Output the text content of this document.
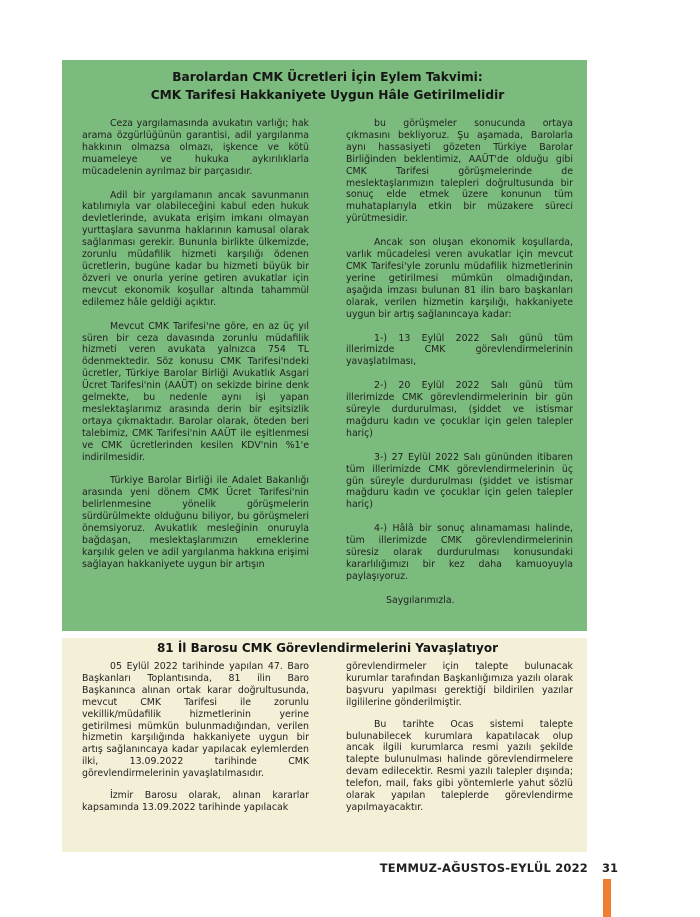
Barolardan CMK Ücretleri İçin Eylem Takvimi:
CMK Tarifesi Hakkaniyete Uygun Hâle Getirilmelidir

Ceza yargılamasında avukatın varlığı; hak arama özgürlüğünün garantisi, adil yargılanma hakkının olmazsa olmazı, işkence ve kötü muameleye ve hukuka aykırılıklarla mücadelenin ayrılmaz bir parçasıdır.

Adil bir yargılamanın ancak savunmanın katılımıyla var olabileceğini kabul eden hukuk devletlerinde, avukata erişim imkanı olmayan yurttaşlara savunma haklarının kamusal olarak sağlanması gerekir. Bununla birlikte ülkemizde, zorunlu müdafilik hizmeti karşılığı ödenen ücretlerin, bugüne kadar bu hizmeti büyük bir özveri ve onurla yerine getiren avukatlar için mevcut ekonomik koşullar altında tahammül edilemez hâle geldiği açıktır.

Mevcut CMK Tarifesi'ne göre, en az üç yıl süren bir ceza davasında zorunlu müdafilik hizmeti veren avukata yalnızca 754 TL ödenmektedir. Söz konusu CMK Tarifesi'ndeki ücretler, Türkiye Barolar Birliği Avukatlık Asgari Ücret Tarifesi'nin (AAÜT) on sekizde birine denk gelmekte, bu nedenle aynı işi yapan meslektaşlarımız arasında derin bir eşitsizlik ortaya çıkmaktadır. Barolar olarak, öteden beri talebimiz, CMK Tarifesi'nin AAÜT ile eşitlenmesi ve CMK ücretlerinden kesilen KDV'nin %1'e indirilmesidir.

Türkiye Barolar Birliği ile Adalet Bakanlığı arasında yeni dönem CMK Ücret Tarifesi'nin belirlenmesine yönelik görüşmelerin sürdürülmekte olduğunu biliyor, bu görüşmeleri önemsiyoruz. Avukatlık mesleğinin onuruyla bağdaşan, meslektaşlarımızın emeklerine karşılık gelen ve adil yargılanma hakkına erişimi sağlayan hakkaniyete uygun bir artışın

bu görüşmeler sonucunda ortaya çıkmasını bekliyoruz. Şu aşamada, Barolarla aynı hassasiyeti gözeten Türkiye Barolar Birliğinden beklentimiz, AAÜT'de olduğu gibi CMK Tarifesi görüşmelerinde de meslektaşlarımızın talepleri doğrultusunda bir sonuç elde etmek üzere konunun tüm muhataplarıyla etkin bir müzakere süreci yürütmesidir.

Ancak son oluşan ekonomik koşullarda, varlık mücadelesi veren avukatlar için mevcut CMK Tarifesi'yle zorunlu müdafilik hizmetlerinin yerine getirilmesi mümkün olmadığından, aşağıda imzası bulunan 81 ilin baro başkanları olarak, verilen hizmetin karşılığı, hakkaniyete uygun bir artış sağlanıncaya kadar:

1-) 13 Eylül 2022 Salı günü tüm illerimizde CMK görevlendirmelerinin yavaşlatılması,

2-) 20 Eylül 2022 Salı günü tüm illerimizde CMK görevlendirmelerinin bir gün süreyle durdurulması, (şiddet ve istismar mağduru kadın ve çocuklar için gelen talepler hariç)

3-) 27 Eylül 2022 Salı gününden itibaren tüm illerimizde CMK görevlendirmelerinin üç gün süreyle durdurulması (şiddet ve istismar mağduru kadın ve çocuklar için gelen talepler hariç)

4-) Hâlâ bir sonuç alınamaması halinde, tüm illerimizde CMK görevlendirmelerinin süresiz olarak durdurulması konusundaki kararlılığımızı bir kez daha kamuoyuyla paylaşıyoruz.

Saygılarımızla.

81 İl Barosu CMK Görevlendirmelerini Yavaşlatıyor

05 Eylül 2022 tarihinde yapılan 47. Baro Başkanları Toplantısında, 81 ilin Baro Başkanınca alınan ortak karar doğrultusunda, mevcut CMK Tarifesi ile zorunlu vekillik/müdafilik hizmetlerinin yerine getirilmesi mümkün bulunmadığından, verilen hizmetin karşılığında hakkaniyete uygun bir artış sağlanıncaya kadar yapılacak eylemlerden ilki, 13.09.2022 tarihinde CMK görevlendirmelerinin yavaşlatılmasıdır.

İzmir Barosu olarak, alınan kararlar kapsamında 13.09.2022 tarihinde yapılacak

görevlendirmeler için talepte bulunacak kurumlar tarafından Başkanlığımıza yazılı olarak başvuru yapılması gerektiği bildirilen yazılar ilgililerine gönderilmiştir.

Bu tarihte Ocas sistemi talepte bulunabilecek kurumlara kapatılacak olup ancak ilgili kurumlarca resmi yazılı şekilde talepte bulunulması halinde görevlendirmelere devam edilecektir. Resmi yazılı talepler dışında; telefon, mail, faks gibi yöntemlerle yahut sözlü olarak yapılan taleplerde görevlendirme yapılmayacaktır.

TEMMUZ-AĞUSTOS-EYLÜL 2022 31
